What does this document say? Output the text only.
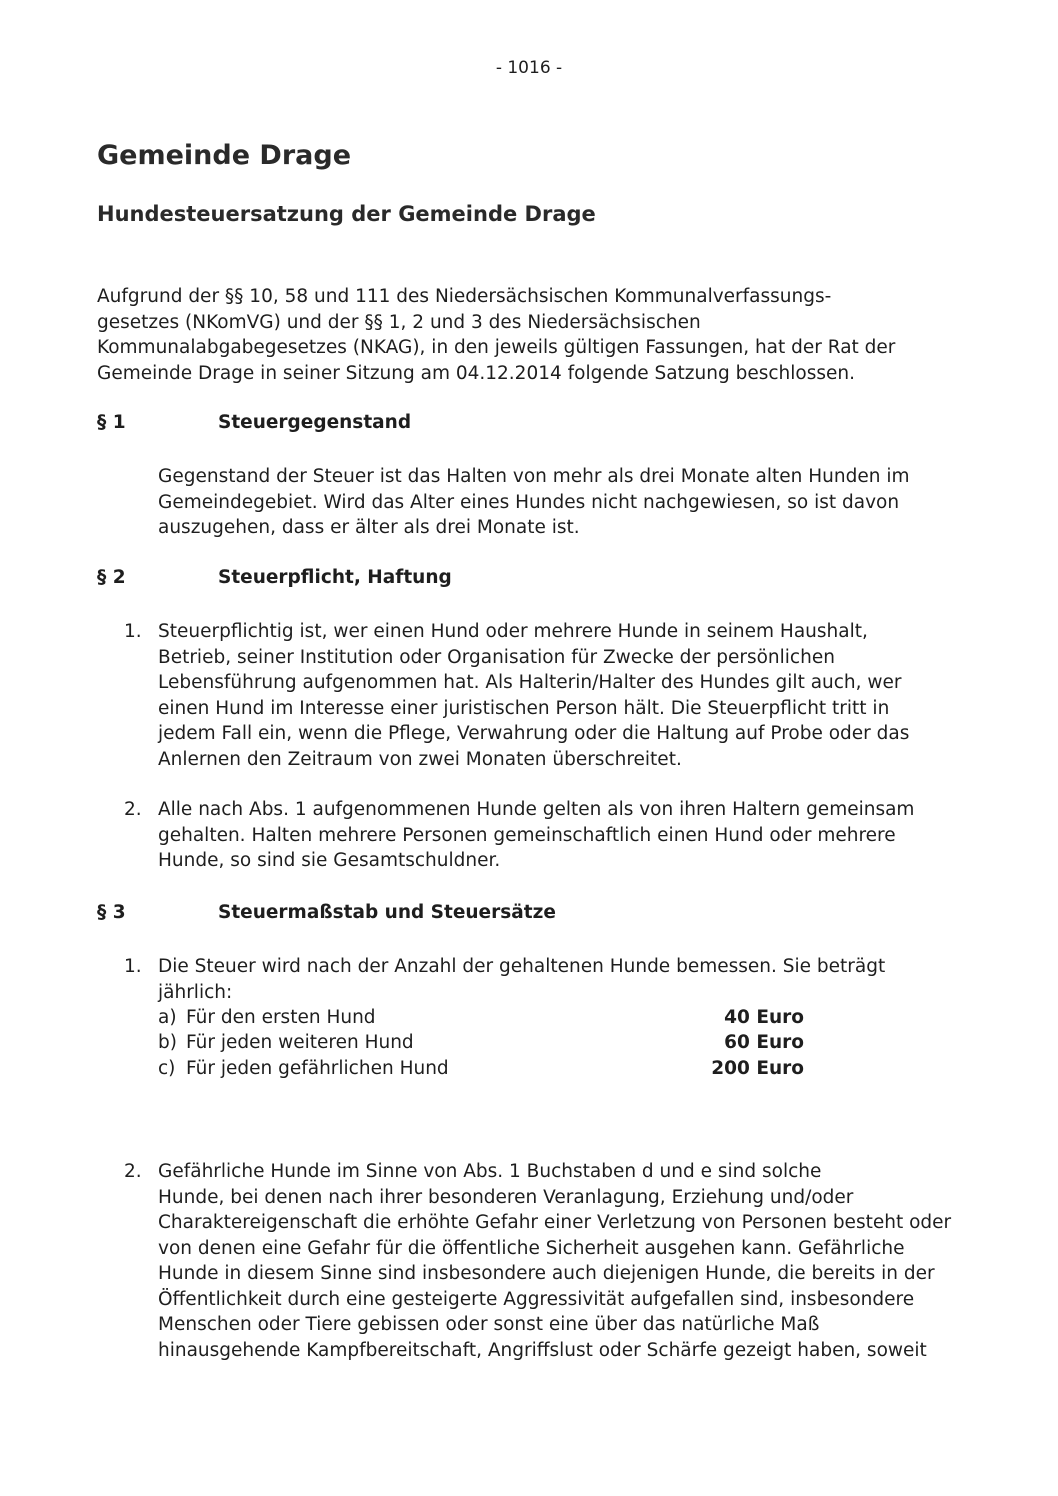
- 1016 -
Gemeinde Drage
Hundesteuersatzung der Gemeinde Drage
Aufgrund der §§ 10, 58 und 111 des Niedersächsischen Kommunalverfassungs-
gesetzes (NKomVG) und der §§ 1, 2 und 3 des Niedersächsischen
Kommunalabgabegesetzes (NKAG), in den jeweils gültigen Fassungen, hat der Rat der
Gemeinde Drage in seiner Sitzung am 04.12.2014 folgende Satzung beschlossen.
§ 1	Steuergegenstand
Gegenstand der Steuer ist das Halten von mehr als drei Monate alten Hunden im
Gemeindegebiet. Wird das Alter eines Hundes nicht nachgewiesen, so ist davon
auszugehen, dass er älter als drei Monate ist.
§ 2	Steuerpflicht, Haftung
1. Steuerpflichtig ist, wer einen Hund oder mehrere Hunde in seinem Haushalt,
Betrieb, seiner Institution oder Organisation für Zwecke der persönlichen
Lebensführung aufgenommen hat. Als Halterin/Halter des Hundes gilt auch, wer
einen Hund im Interesse einer juristischen Person hält. Die Steuerpflicht tritt in
jedem Fall ein, wenn die Pflege, Verwahrung oder die Haltung auf Probe oder das
Anlernen den Zeitraum von zwei Monaten überschreitet.
2. Alle nach Abs. 1 aufgenommenen Hunde gelten als von ihren Haltern gemeinsam
gehalten. Halten mehrere Personen gemeinschaftlich einen Hund oder mehrere
Hunde, so sind sie Gesamtschuldner.
§ 3	Steuermaßstab und Steuersätze
1. Die Steuer wird nach der Anzahl der gehaltenen Hunde bemessen. Sie beträgt
jährlich:
a) Für den ersten Hund	40 Euro
b) Für jeden weiteren Hund	60 Euro
c) Für jeden gefährlichen Hund	200 Euro
2. Gefährliche Hunde im Sinne von Abs. 1 Buchstaben d und e sind solche
Hunde, bei denen nach ihrer besonderen Veranlagung, Erziehung und/oder
Charaktereigenschaft die erhöhte Gefahr einer Verletzung von Personen besteht oder
von denen eine Gefahr für die öffentliche Sicherheit ausgehen kann. Gefährliche
Hunde in diesem Sinne sind insbesondere auch diejenigen Hunde, die bereits in der
Öffentlichkeit durch eine gesteigerte Aggressivität aufgefallen sind, insbesondere
Menschen oder Tiere gebissen oder sonst eine über das natürliche Maß
hinausgehende Kampfbereitschaft, Angriffslust oder Schärfe gezeigt haben, soweit
